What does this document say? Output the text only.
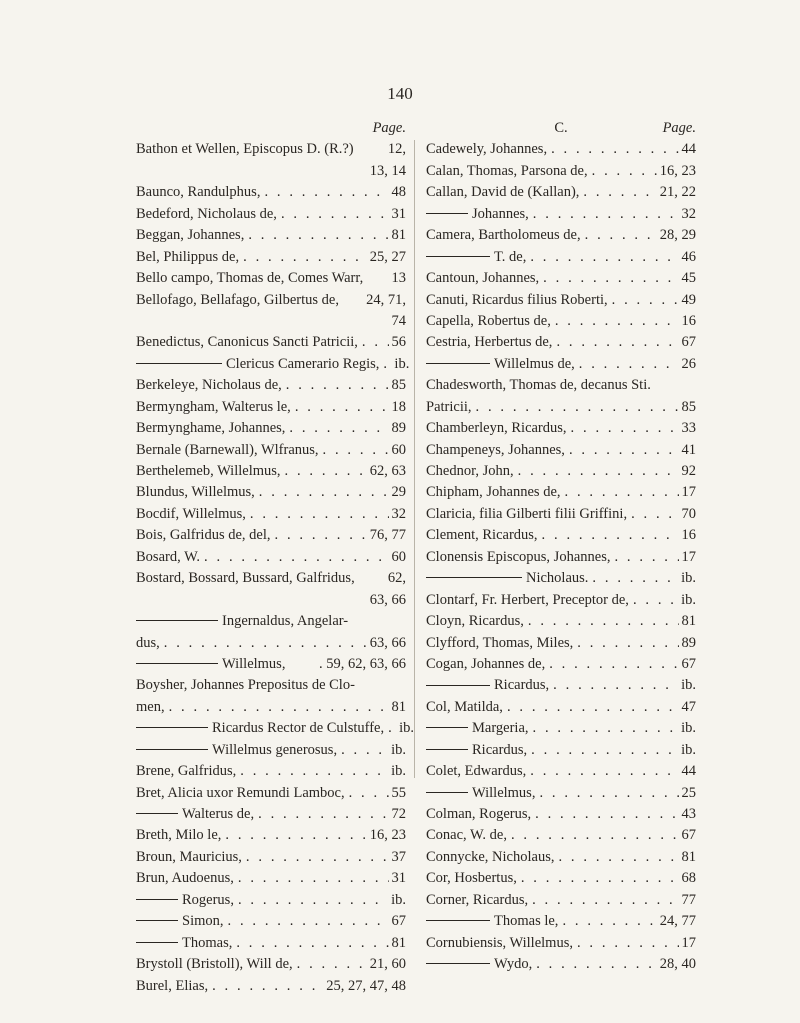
140
Page.
Bathon et Wellen, Episcopus D. (R.?) 12,
13, 14
Baunco, Randulphus, . . .	48
Bedeford, Nicholaus de, . . .	31
Beggan, Johannes, . . .	81
Bel, Philippus de, . . .	25, 27
Bello campo, Thomas de, Comes Warr, 13
Bellofago, Bellafago, Gilbertus de, 24, 71,
74
Benedictus, Canonicus Sancti Patricii, . . . 56
Clericus Camerario Regis, . . . ib.
Berkeleye, Nicholaus de, . . .	85
Bermyngham, Walterus le, . . .	18
Bermynghame, Johannes, . . .	89
Bernale (Barnewall), Wlfranus, . . .	60
Berthelemeb, Willelmus, . . .	62, 63
Blundus, Willelmus, . . .	29
Bocdif, Willelmus, . . .	32
Bois, Galfridus de, del, . . .	76, 77
Bosard, W. . . .	60
Bostard, Bossard, Bussard, Galfridus, 62,
63, 66
Ingernaldus, Angelar-
dus, . . .	63, 66
Willelmus, . 59, 62, 63, 66
Boysher, Johannes Prepositus de Clo-
men, . . .	81
Ricardus Rector de Culstuffe, . . . ib.
Willelmus generosus, . . .	ib.
Brene, Galfridus, . . .	ib.
Bret, Alicia uxor Remundi Lamboc, . . .	55
Walterus de, . . .	72
Breth, Milo le, . . .	16, 23
Broun, Mauricius, . . .	37
Brun, Audoenus, . . .	31
Rogerus, . . .	ib.
Simon, . . .	67
Thomas, . . .	81
Brystoll (Bristoll), Will de, . . .	21, 60
Burel, Elias, . . .	25, 27, 47, 48
Page.
C.
Cadewely, Johannes, . . .	44
Calan, Thomas, Parsona de, . . .	16, 23
Callan, David de (Kallan), . . .	21, 22
Johannes, . . .	32
Camera, Bartholomeus de, . . .	28, 29
T. de, . . .	46
Cantoun, Johannes, . . .	45
Canuti, Ricardus filius Roberti, . . .	49
Capella, Robertus de, . . .	16
Cestria, Herbertus de, . . .	67
Willelmus de, . . .	26
Chadesworth, Thomas de, decanus Sti.
Patricii, . . .	85
Chamberleyn, Ricardus, . . .	33
Champeneys, Johannes, . . .	41
Chednor, John, . . .	92
Chipham, Johannes de, . . .	17
Claricia, filia Gilberti filii Griffini, . . .	70
Clement, Ricardus, . . .	16
Clonensis Episcopus, Johannes, . . .	17
Nicholaus. . . .	ib.
Clontarf, Fr. Herbert, Preceptor de, . . .	ib.
Cloyn, Ricardus, . . .	81
Clyfford, Thomas, Miles, . . .	89
Cogan, Johannes de, . . .	67
Ricardus, . . .	ib.
Col, Matilda, . . .	47
Margeria, . . .	ib.
Ricardus, . . .	ib.
Colet, Edwardus, . . .	44
Willelmus, . . .	25
Colman, Rogerus, . . .	43
Conac, W. de, . . .	67
Connycke, Nicholaus, . . .	81
Cor, Hosbertus, . . .	68
Corner, Ricardus, . . .	77
Thomas le, . . .	24, 77
Cornubiensis, Willelmus, . . .	17
Wydo, . . .	28, 40
